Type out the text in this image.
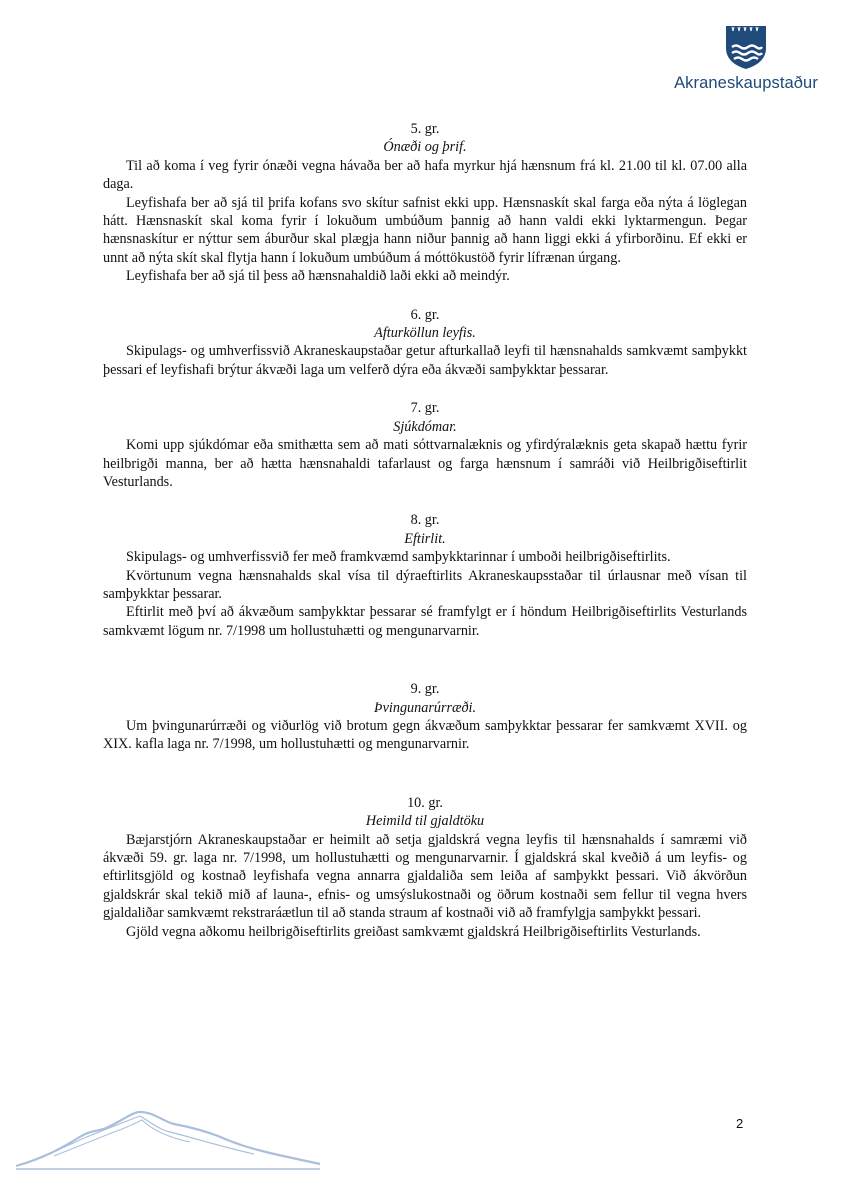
Akraneskaupstaður

5. gr.

Ónæði og þrif.

Til að koma í veg fyrir ónæði vegna hávaða ber að hafa myrkur hjá hænsnum frá kl. 21.00 til kl. 07.00 alla daga.

Leyfishafa ber að sjá til þrifa kofans svo skítur safnist ekki upp. Hænsnaskít skal farga eða nýta á löglegan hátt. Hænsnaskít skal koma fyrir í lokuðum umbúðum þannig að hann valdi ekki lyktarmengun. Þegar hænsnaskítur er nýttur sem áburður skal plægja hann niður þannig að hann liggi ekki á yfirborðinu. Ef ekki er unnt að nýta skít skal flytja hann í lokuðum umbúðum á móttökustöð fyrir lífrænan úrgang.

Leyfishafa ber að sjá til þess að hænsnahaldið laði ekki að meindýr.

6. gr.

Afturköllun leyfis.

Skipulags- og umhverfissvið Akraneskaupstaðar getur afturkallað leyfi til hænsnahalds samkvæmt samþykkt þessari ef leyfishafi brýtur ákvæði laga um velferð dýra eða ákvæði samþykktar þessarar.

7. gr.

Sjúkdómar.

Komi upp sjúkdómar eða smithætta sem að mati sóttvarnalæknis og yfirdýralæknis geta skapað hættu fyrir heilbrigði manna, ber að hætta hænsnahaldi tafarlaust og farga hænsnum í samráði við Heilbrigðiseftirlit Vesturlands.

8. gr.

Eftirlit.

Skipulags- og umhverfissvið fer með framkvæmd samþykktarinnar í umboði heilbrigðiseftirlits.

Kvörtunum vegna hænsnahalds skal vísa til dýraeftirlits Akraneskaupsstaðar til úrlausnar með vísan til samþykktar þessarar.

Eftirlit með því að ákvæðum samþykktar þessarar sé framfylgt er í höndum Heilbrigðiseftirlits Vesturlands samkvæmt lögum nr. 7/1998 um hollustuhætti og mengunarvarnir.

9. gr.

Þvingunarúrræði.

Um þvingunarúrræði og viðurlög við brotum gegn ákvæðum samþykktar þessarar fer samkvæmt XVII. og XIX. kafla laga nr. 7/1998, um hollustuhætti og mengunarvarnir.

10. gr.

Heimild til gjaldtöku

Bæjarstjórn Akraneskaupstaðar er heimilt að setja gjaldskrá vegna leyfis til hænsnahalds í samræmi við ákvæði 59. gr. laga nr. 7/1998, um hollustuhætti og mengunarvarnir. Í gjaldskrá skal kveðið á um leyfis- og eftirlitsgjöld og kostnað leyfishafa vegna annarra gjaldaliða sem leiða af samþykkt þessari. Við ákvörðun gjaldskrár skal tekið mið af launa-, efnis- og umsýslukostnaði og öðrum kostnaði sem fellur til vegna hvers gjaldaliðar samkvæmt rekstraráætlun til að standa straum af kostnaði við að framfylgja samþykkt þessari.

Gjöld vegna aðkomu heilbrigðiseftirlits greiðast samkvæmt gjaldskrá Heilbrigðiseftirlits Vesturlands.

2
